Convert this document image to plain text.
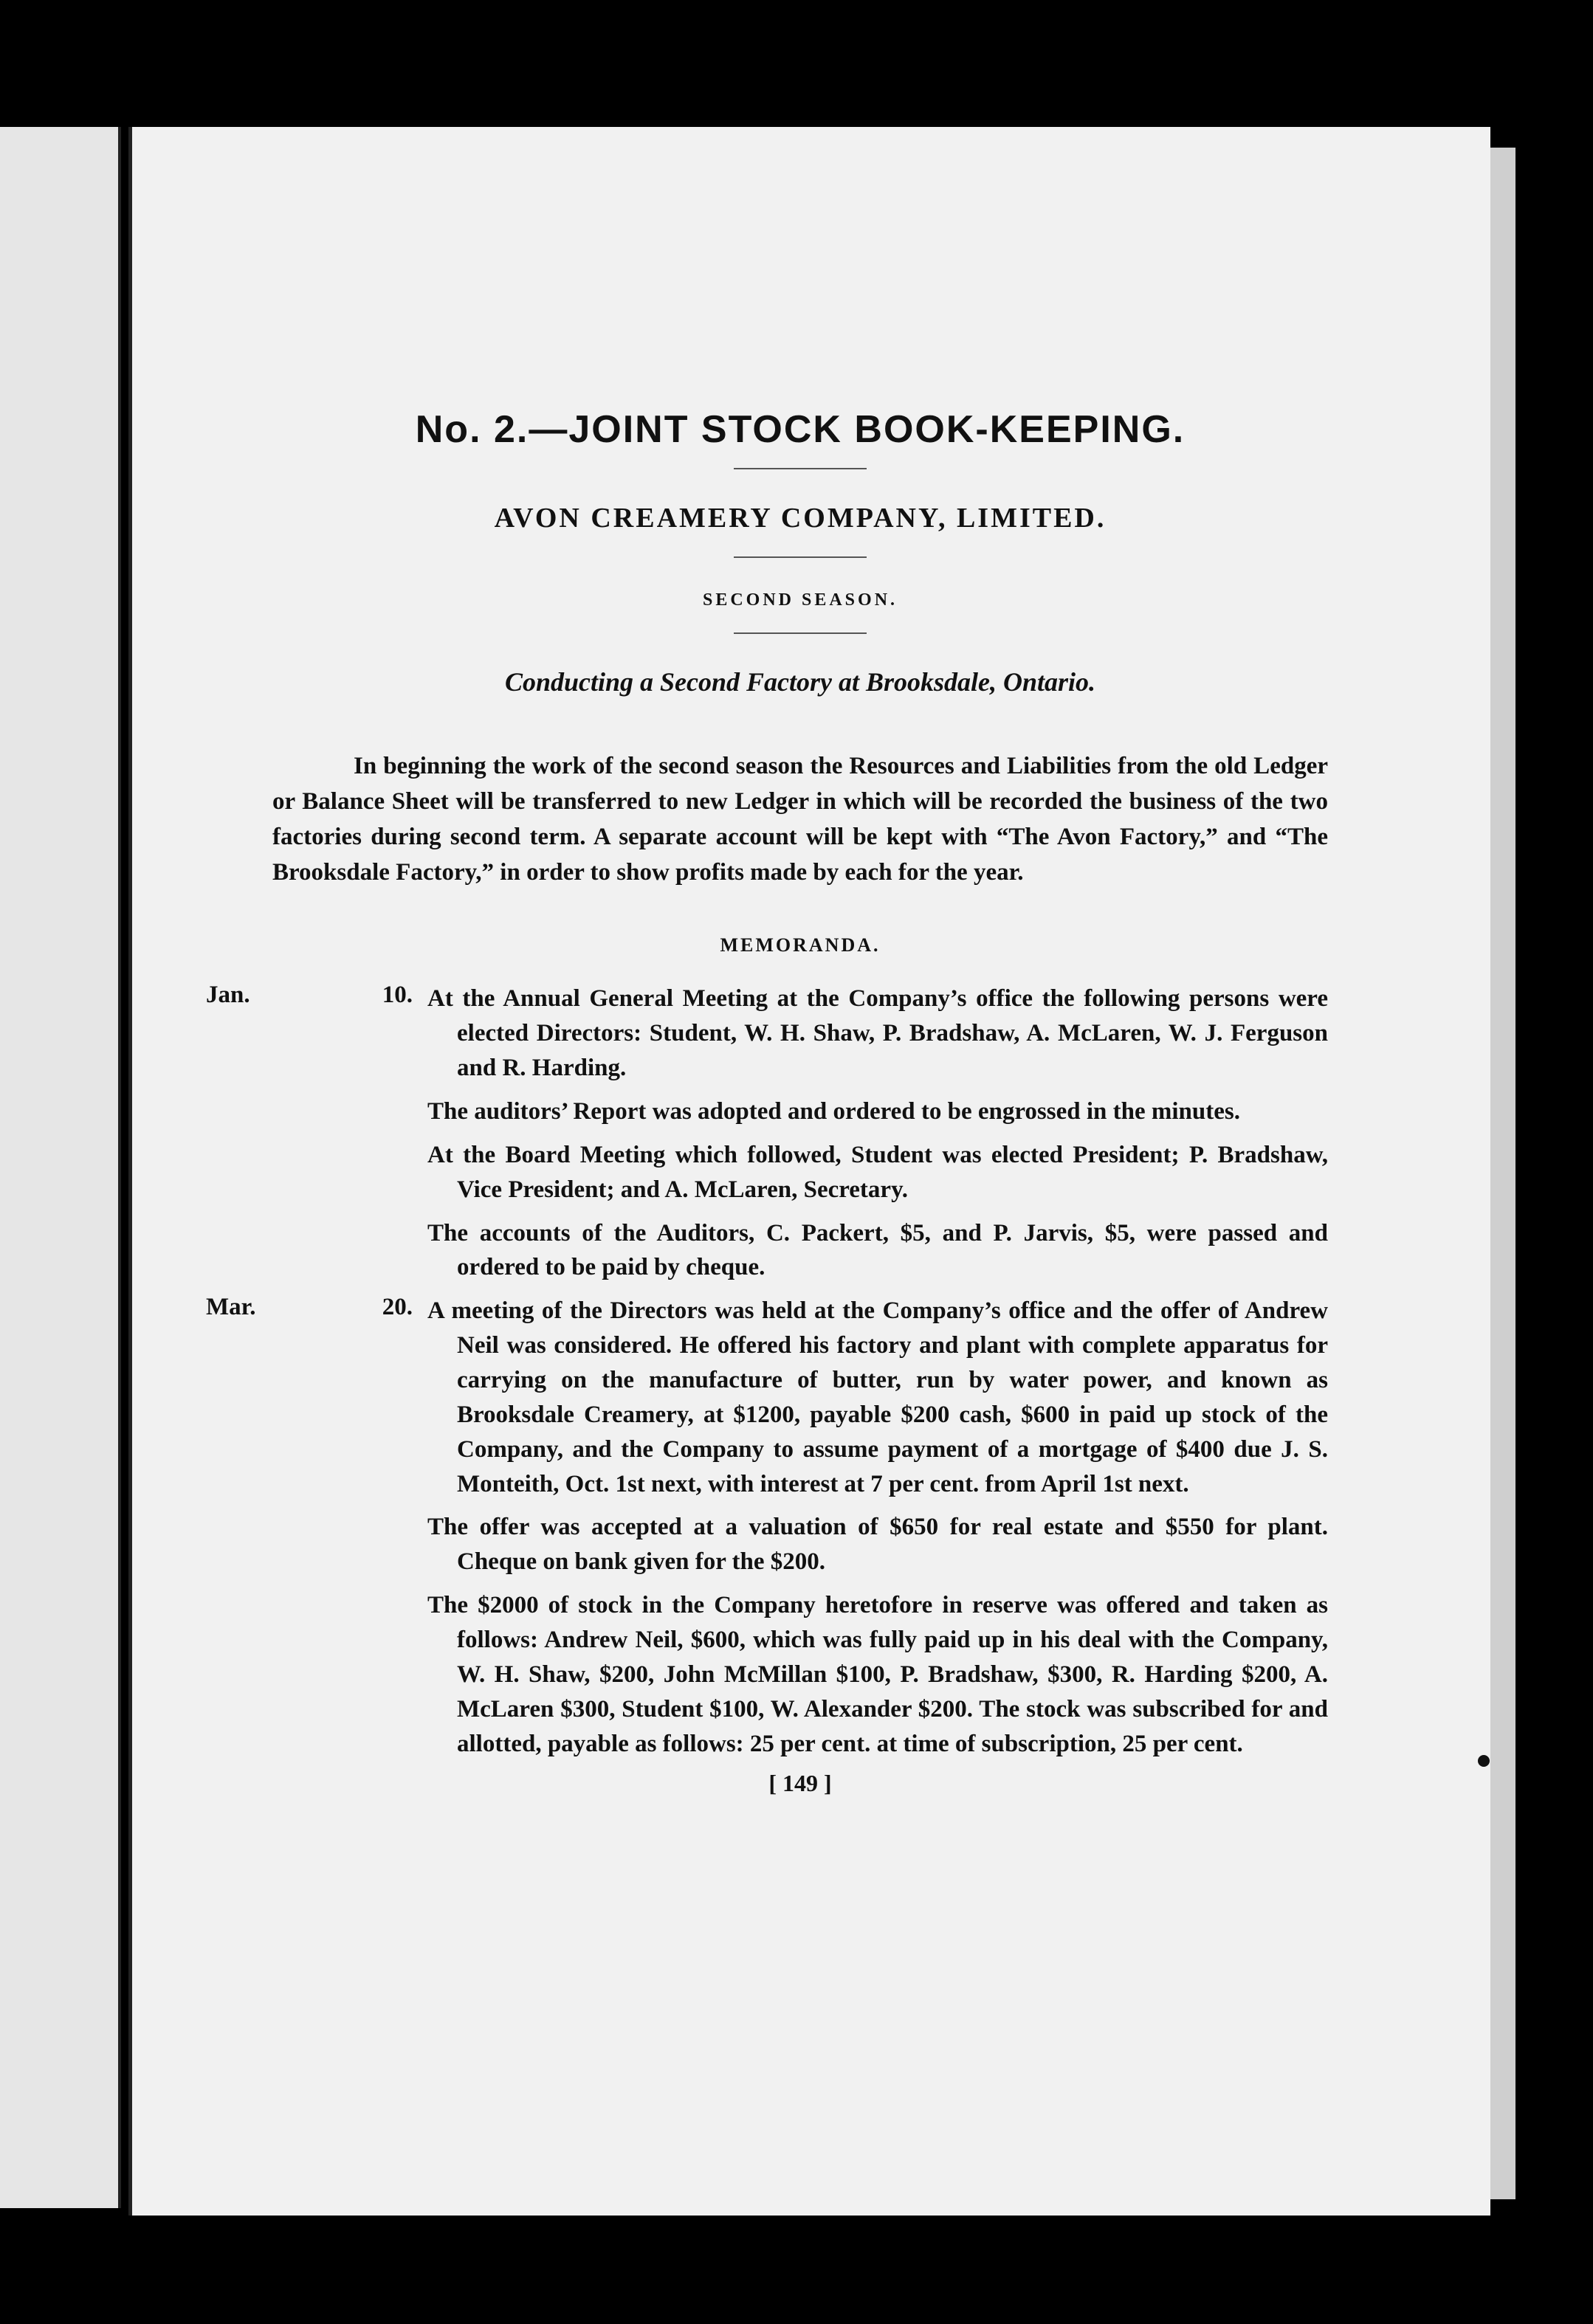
No. 2.—JOINT STOCK BOOK-KEEPING.
AVON CREAMERY COMPANY, LIMITED.
SECOND SEASON.
Conducting a Second Factory at Brooksdale, Ontario.

In beginning the work of the second season the Resources and Liabilities from the old Ledger or Balance Sheet will be transferred to new Ledger in which will be recorded the business of the two factories during second term. A separate account will be kept with “The Avon Factory,” and “The Brooksdale Factory,” in order to show profits made by each for the year.

MEMORANDA.
Jan.	10. At the Annual General Meeting at the Company’s office the following persons were elected Directors: Student, W. H. Shaw, P. Bradshaw, A. McLaren, W. J. Ferguson and R. Harding.

The auditors’ Report was adopted and ordered to be engrossed in the minutes.

At the Board Meeting which followed, Student was elected President; P. Bradshaw, Vice President; and A. McLaren, Secretary.

The accounts of the Auditors, C. Packert, $5, and P. Jarvis, $5, were passed and ordered to be paid by cheque.

Mar.	20. A meeting of the Directors was held at the Company’s office and the offer of Andrew Neil was considered. He offered his factory and plant with complete apparatus for carrying on the manufacture of butter, run by water power, and known as Brooksdale Creamery, at $1200, payable $200 cash, $600 in paid up stock of the Company, and the Company to assume payment of a mortgage of $400 due J. S. Monteith, Oct. 1st next, with interest at 7 per cent. from April 1st next.

The offer was accepted at a valuation of $650 for real estate and $550 for plant. Cheque on bank given for the $200.

The $2000 of stock in the Company heretofore in reserve was offered and taken as follows: Andrew Neil, $600, which was fully paid up in his deal with the Company, W. H. Shaw, $200, John McMillan $100, P. Bradshaw, $300, R. Harding $200, A. McLaren $300, Student $100, W. Alexander $200. The stock was subscribed for and allotted, payable as follows: 25 per cent. at time of subscription, 25 per cent.

[ 149 ]
